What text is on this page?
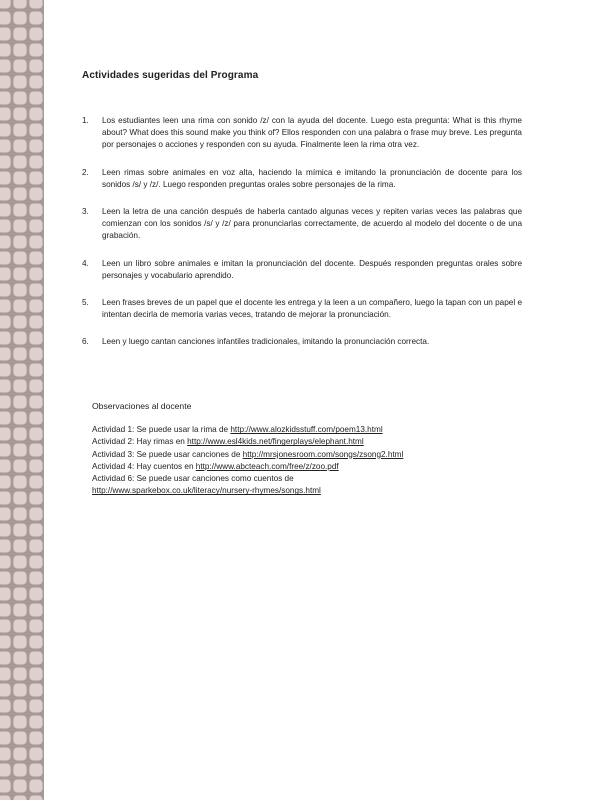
Actividades sugeridas del Programa
1. Los estudiantes leen una rima con sonido /z/ con la ayuda del docente. Luego esta pregunta: What is this rhyme about? What does this sound make you think of? Ellos responden con una palabra o frase muy breve. Les pregunta por personajes o acciones y responden con su ayuda. Finalmente leen la rima otra vez.
2. Leen rimas sobre animales en voz alta, haciendo la mímica e imitando la pronunciación de docente para los sonidos /s/ y /z/. Luego responden preguntas orales sobre personajes de la rima.
3. Leen la letra de una canción después de haberla cantado algunas veces y repiten varias veces las palabras que comienzan con los sonidos /s/ y /z/ para pronunciarlas correctamente, de acuerdo al modelo del docente o de una grabación.
4. Leen un libro sobre animales e imitan la pronunciación del docente. Después responden preguntas orales sobre personajes y vocabulario aprendido.
5. Leen frases breves de un papel que el docente les entrega y la leen a un compañero, luego la tapan con un papel e intentan decirla de memoria varias veces, tratando de mejorar la pronunciación.
6. Leen y luego cantan canciones infantiles tradicionales, imitando la pronunciación correcta.
Observaciones al docente
Actividad 1: Se puede usar la rima de http://www.alozkidsstuff.com/poem13.html
Actividad 2: Hay rimas en http://www.esl4kids.net/fingerplays/elephant.html
Actividad 3: Se puede usar canciones de http://mrsjonesroom.com/songs/zsong2.html
Actividad 4: Hay cuentos en http://www.abcteach.com/free/z/zoo.pdf
Actividad 6: Se puede usar canciones como cuentos de
http://www.sparkebox.co.uk/literacy/nursery-rhymes/songs.html
